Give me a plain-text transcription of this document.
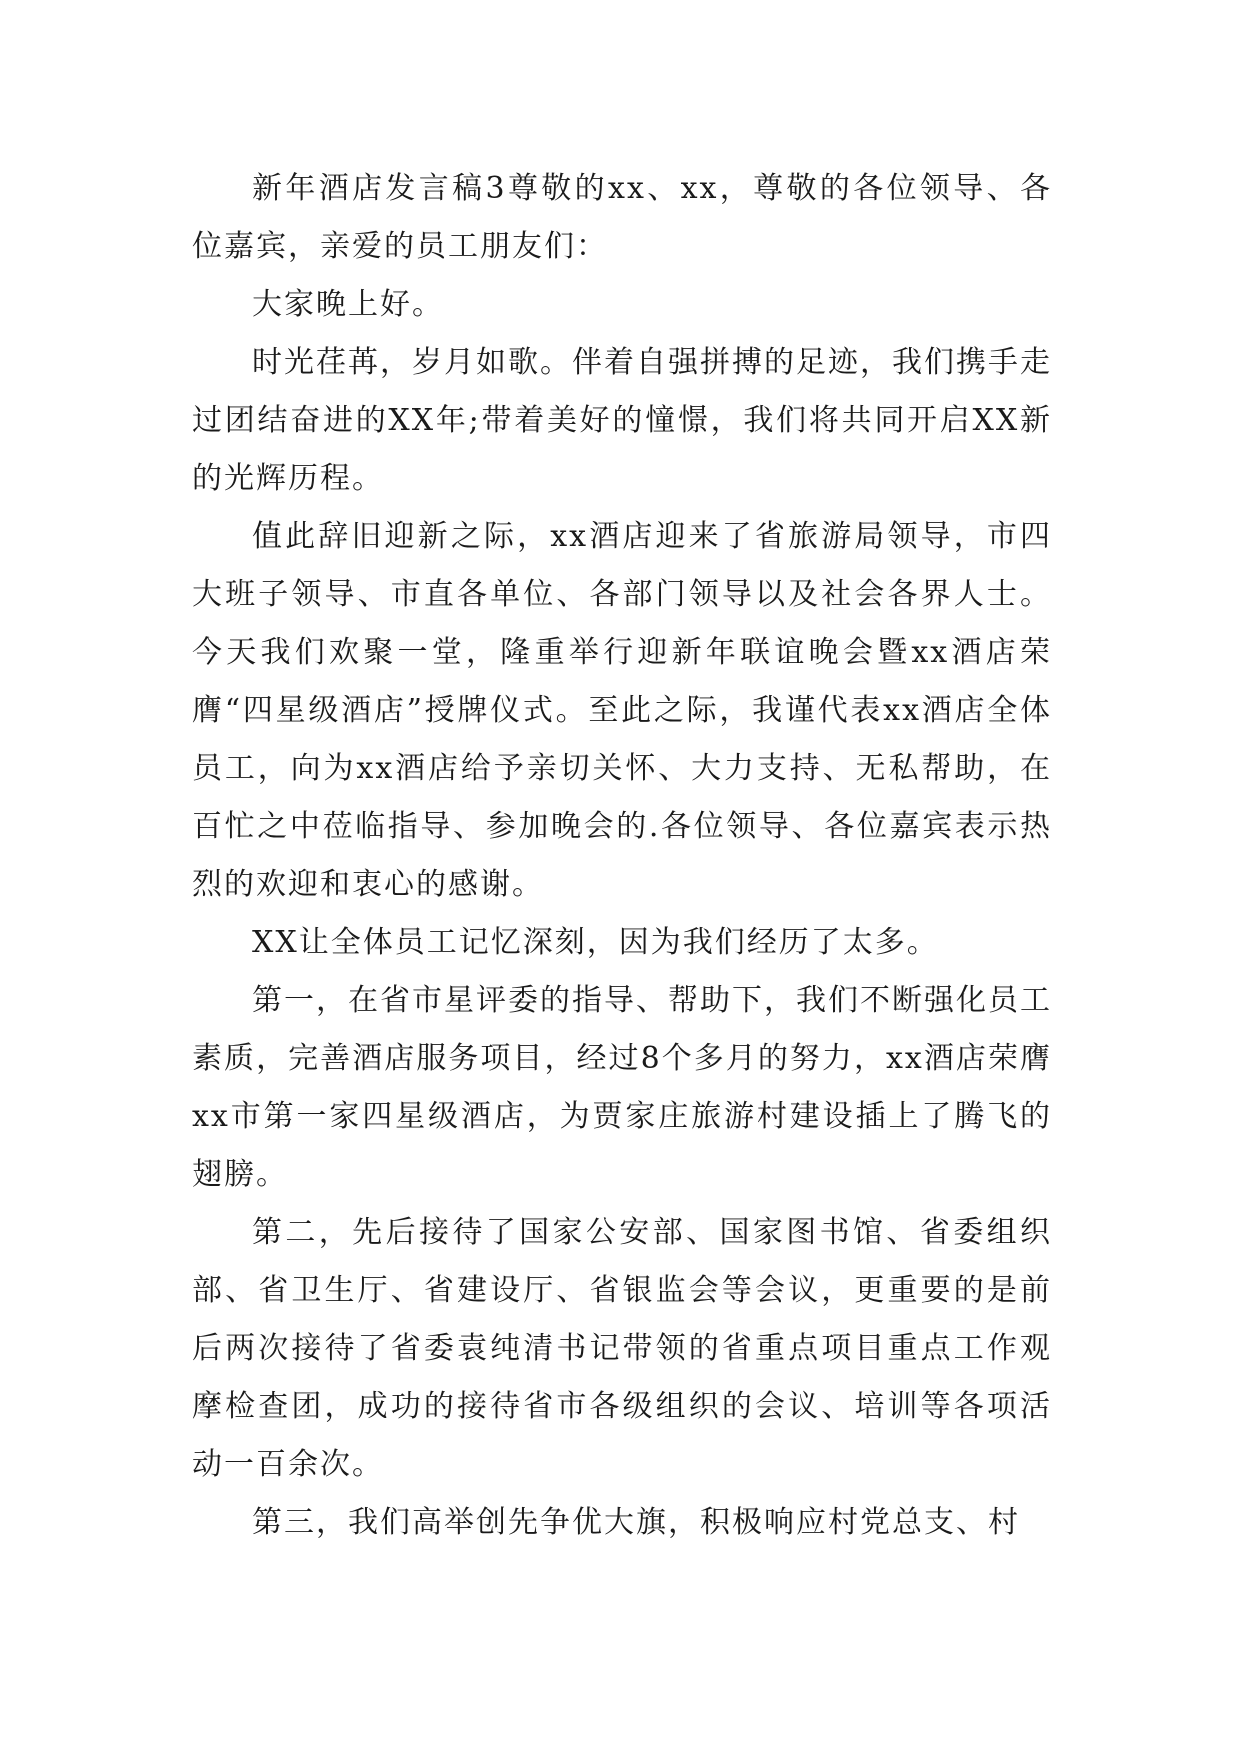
新年酒店发言稿3尊敬的xx、xx，尊敬的各位领导、各位嘉宾，亲爱的员工朋友们：

大家晚上好。

时光荏苒，岁月如歌。伴着自强拼搏的足迹，我们携手走过团结奋进的XX年;带着美好的憧憬，我们将共同开启XX新的光辉历程。

值此辞旧迎新之际，xx酒店迎来了省旅游局领导，市四大班子领导、市直各单位、各部门领导以及社会各界人士。今天我们欢聚一堂，隆重举行迎新年联谊晚会暨xx酒店荣膺“四星级酒店”授牌仪式。至此之际，我谨代表xx酒店全体员工，向为xx酒店给予亲切关怀、大力支持、无私帮助，在百忙之中莅临指导、参加晚会的.各位领导、各位嘉宾表示热烈的欢迎和衷心的感谢。

XX让全体员工记忆深刻，因为我们经历了太多。

第一，在省市星评委的指导、帮助下，我们不断强化员工素质，完善酒店服务项目，经过8个多月的努力，xx酒店荣膺xx市第一家四星级酒店，为贾家庄旅游村建设插上了腾飞的翅膀。

第二，先后接待了国家公安部、国家图书馆、省委组织部、省卫生厅、省建设厅、省银监会等会议，更重要的是前后两次接待了省委袁纯清书记带领的省重点项目重点工作观摩检查团，成功的接待省市各级组织的会议、培训等各项活动一百余次。

第三，我们高举创先争优大旗，积极响应村党总支、村
